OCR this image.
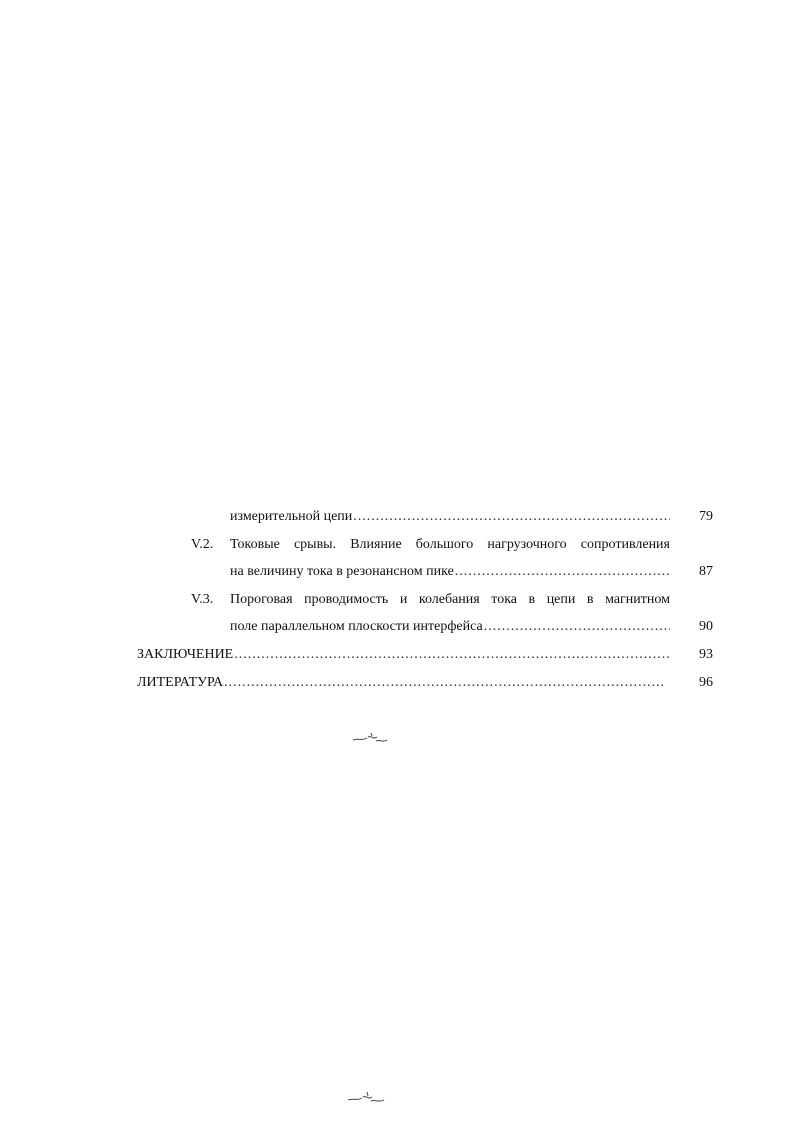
измерительной цепи .....	79
V.2. Токовые срывы. Влияние большого нагрузочного сопротивления
на величину тока в резонансном пике .....	87
V.3. Пороговая проводимость и колебания тока в цепи в магнитном
поле параллельном плоскости интерфейса .....	90
ЗАКЛЮЧЕНИЕ .....	93
ЛИТЕРАТУРА .....	96
